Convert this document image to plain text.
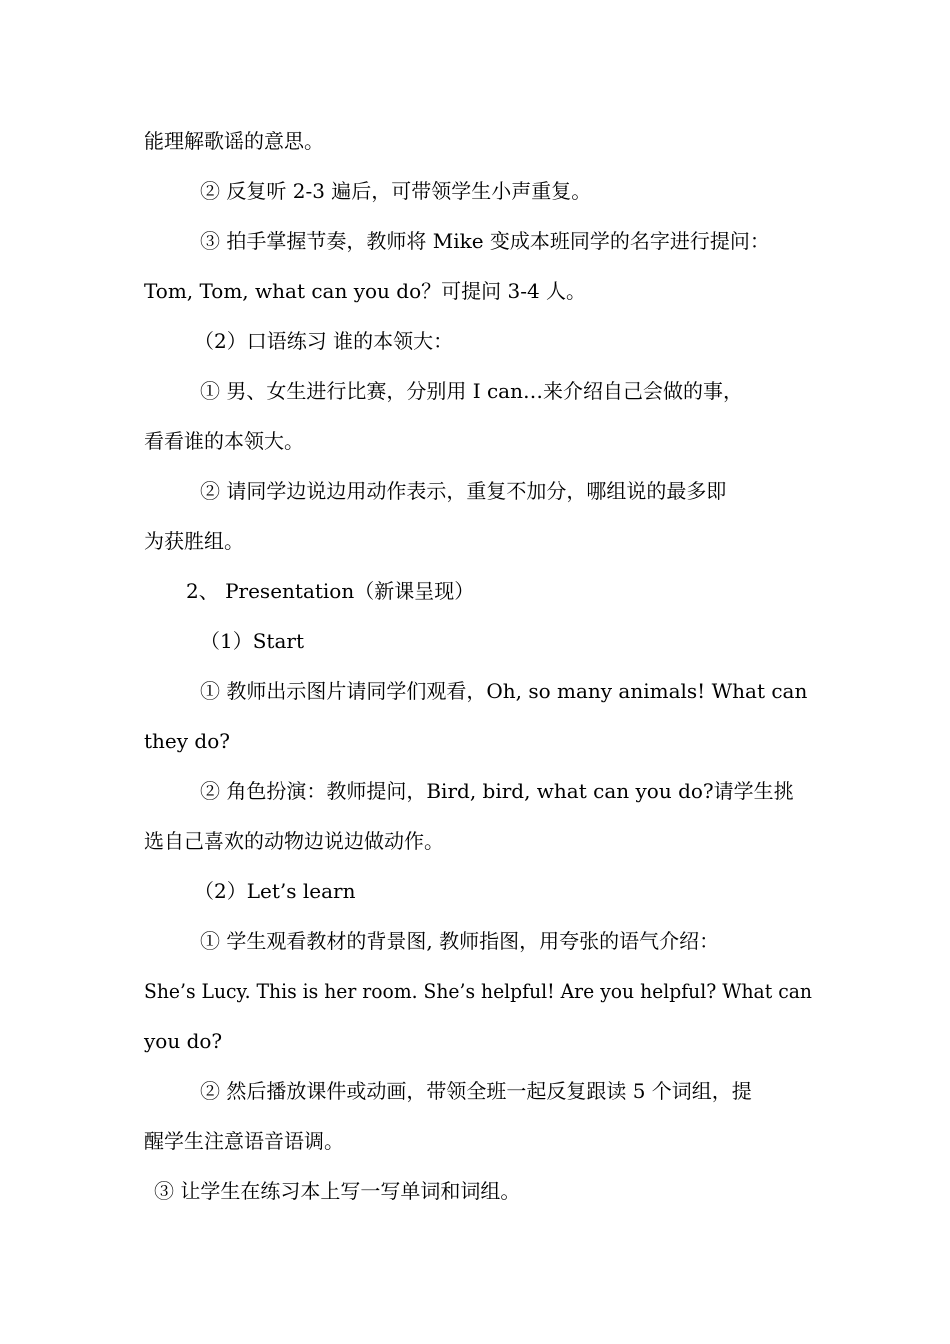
能理解歌谣的意思。
② 反复听 2-3 遍后，可带领学生小声重复。
③ 拍手掌握节奏，教师将 Mike 变成本班同学的名字进行提问：
Tom, Tom, what can you do？可提问 3-4 人。
（2）口语练习 谁的本领大：
① 男、女生进行比赛，分别用 I can…来介绍自己会做的事，
看看谁的本领大。
② 请同学边说边用动作表示，重复不加分，哪组说的最多即
为获胜组。
2、 Presentation（新课呈现）
（1）Start
① 教师出示图片请同学们观看，Oh, so many animals! What can
they do?
② 角色扮演：教师提问，Bird, bird, what can you do?请学生挑
选自己喜欢的动物边说边做动作。
（2）Let’s learn
① 学生观看教材的背景图, 教师指图，用夸张的语气介绍：
She’s Lucy. This is her room. She’s helpful! Are you helpful? What can
you do?
② 然后播放课件或动画，带领全班一起反复跟读 5 个词组，提
醒学生注意语音语调。
③ 让学生在练习本上写一写单词和词组。
